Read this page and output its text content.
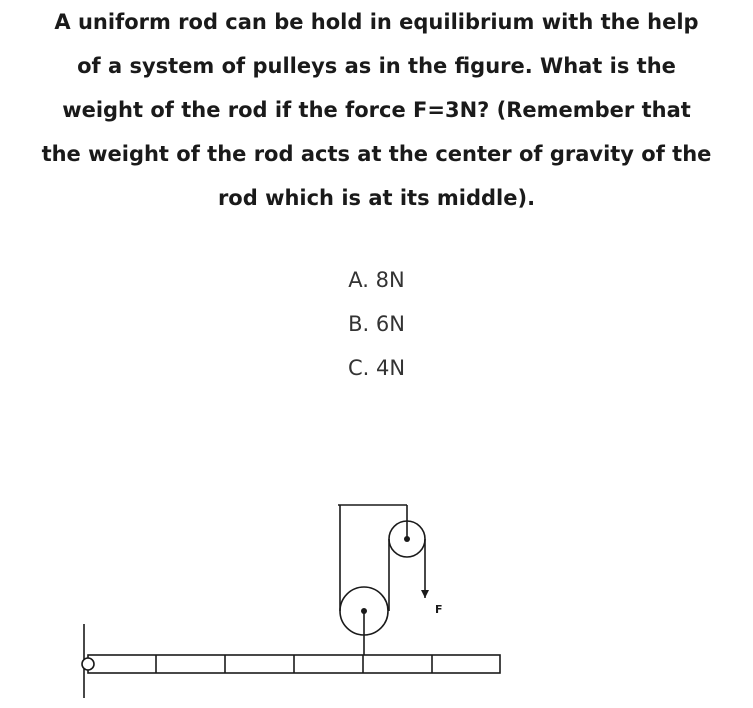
A uniform rod can be hold in equilibrium with the help
of a system of pulleys as in the figure. What is the
weight of the rod if the force F=3N? (Remember that
the weight of the rod acts at the center of gravity of the
rod which is at its middle).
A. 8N
B. 6N
C. 4N
F
